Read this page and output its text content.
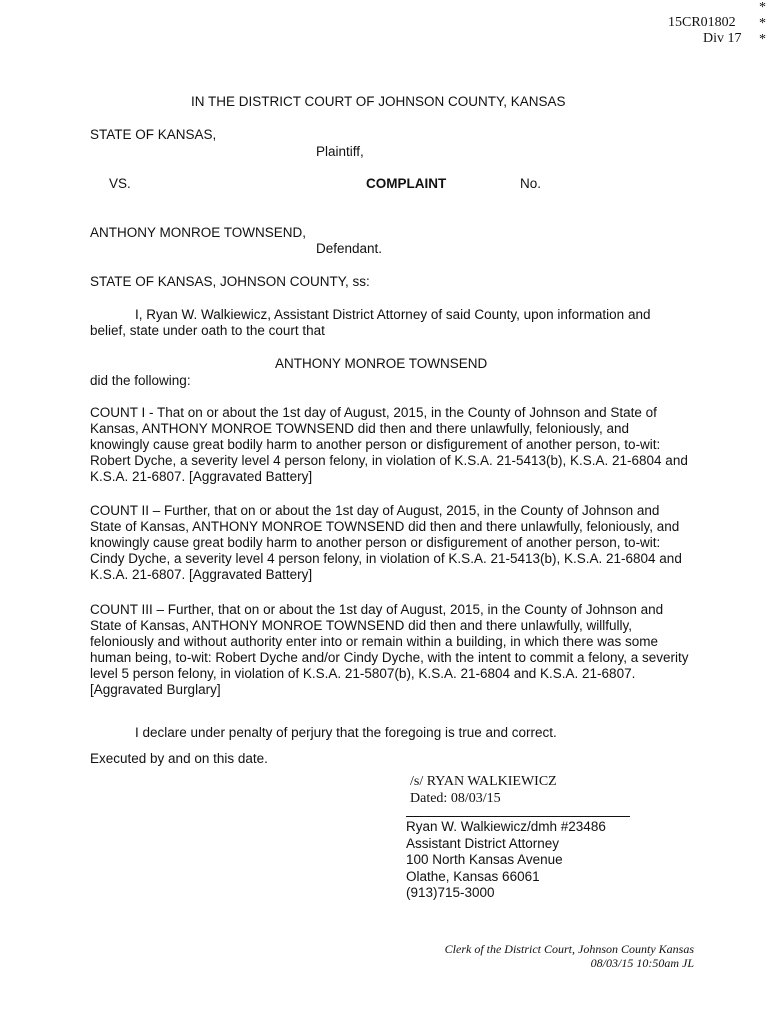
15CR01802
Div 17
*
*
*
IN THE DISTRICT COURT OF JOHNSON COUNTY, KANSAS
STATE OF KANSAS,
Plaintiff,
VS.	COMPLAINT	No.
ANTHONY MONROE TOWNSEND,
Defendant.
STATE OF KANSAS, JOHNSON COUNTY, ss:
I, Ryan W. Walkiewicz, Assistant District Attorney of said County, upon information and belief, state under oath to the court that
ANTHONY MONROE TOWNSEND
did the following:
COUNT I - That on or about the 1st day of August, 2015, in the County of Johnson and State of Kansas, ANTHONY MONROE TOWNSEND did then and there unlawfully, feloniously, and knowingly cause great bodily harm to another person or disfigurement of another person, to-wit: Robert Dyche, a severity level 4 person felony, in violation of K.S.A. 21-5413(b), K.S.A. 21-6804 and K.S.A. 21-6807. [Aggravated Battery]
COUNT II – Further, that on or about the 1st day of August, 2015, in the County of Johnson and State of Kansas, ANTHONY MONROE TOWNSEND did then and there unlawfully, feloniously, and knowingly cause great bodily harm to another person or disfigurement of another person, to-wit: Cindy Dyche, a severity level 4 person felony, in violation of K.S.A. 21-5413(b), K.S.A. 21-6804 and K.S.A. 21-6807. [Aggravated Battery]
COUNT III – Further, that on or about the 1st day of August, 2015, in the County of Johnson and State of Kansas, ANTHONY MONROE TOWNSEND did then and there unlawfully, willfully, feloniously and without authority enter into or remain within a building, in which there was some human being, to-wit: Robert Dyche and/or Cindy Dyche, with the intent to commit a felony, a severity level 5 person felony, in violation of K.S.A. 21-5807(b), K.S.A. 21-6804 and K.S.A. 21-6807. [Aggravated Burglary]
I declare under penalty of perjury that the foregoing is true and correct.
Executed by and on this date.
/s/ RYAN WALKIEWICZ
Dated: 08/03/15
Ryan W. Walkiewicz/dmh #23486
Assistant District Attorney
100 North Kansas Avenue
Olathe, Kansas 66061
(913)715-3000
Clerk of the District Court, Johnson County Kansas
08/03/15 10:50am JL
